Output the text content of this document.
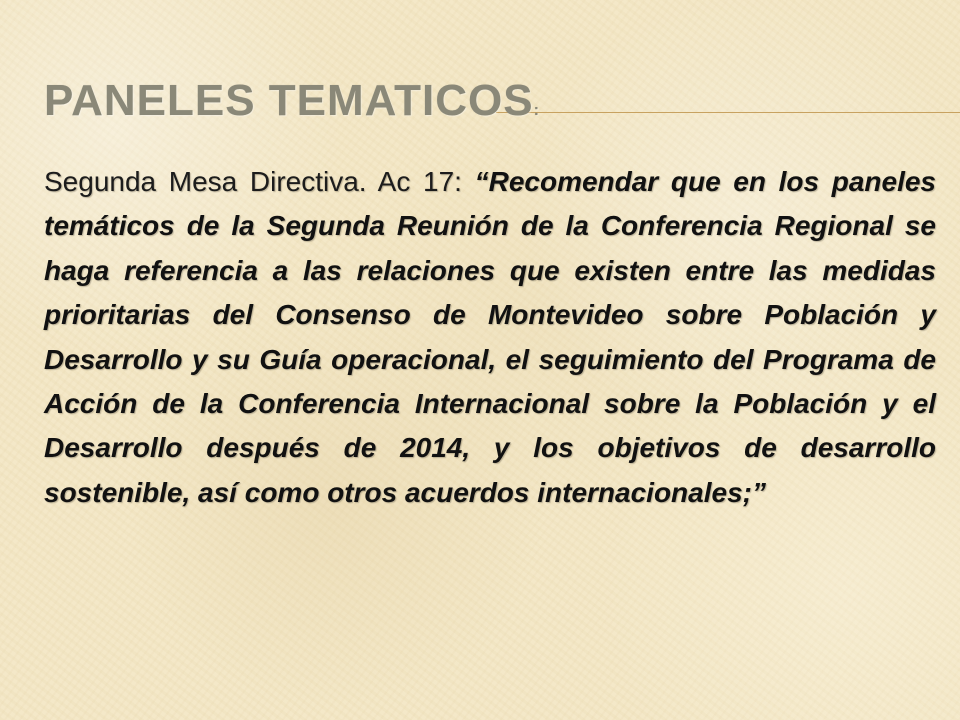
PANELES TEMATICOS:

Segunda Mesa Directiva. Ac 17: “Recomendar que en los paneles temáticos de la Segunda Reunión de la Conferencia Regional se haga referencia a las relaciones que existen entre las medidas prioritarias del Consenso de Montevideo sobre Población y Desarrollo y su Guía operacional, el seguimiento del Programa de Acción de la Conferencia Internacional sobre la Población y el Desarrollo después de 2014, y los objetivos de desarrollo sostenible, así como otros acuerdos internacionales;”
